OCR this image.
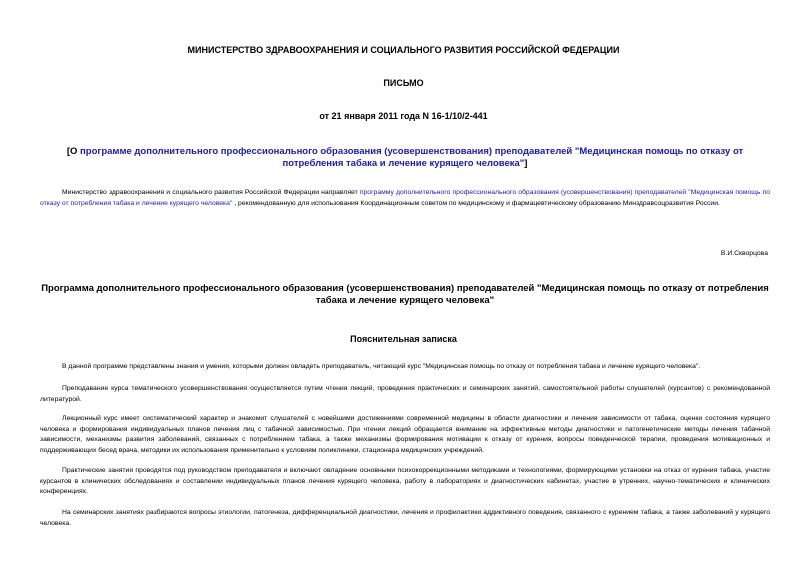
МИНИСТЕРСТВО ЗДРАВООХРАНЕНИЯ И СОЦИАЛЬНОГО РАЗВИТИЯ РОССИЙСКОЙ ФЕДЕРАЦИИ
ПИСЬМО
от 21 января 2011 года N 16-1/10/2-441
[О программе дополнительного профессионального образования (усовершенствования) преподавателей "Медицинская помощь по отказу от потребления табака и лечение курящего человека"]
Министерство здравоохранения и социального развития Российской Федерации направляет программу дополнительного профессионального образования (усовершенствования) преподавателей "Медицинская помощь по отказу от потребления табака и лечение курящего человека" , рекомендованную для использования Координационным советом по медицинскому и фармацевтическому образованию Минздравсоцразвития России.
В.И.Скворцова
Программа дополнительного профессионального образования (усовершенствования) преподавателей "Медицинская помощь по отказу от потребления табака и лечение курящего человека"
Пояснительная записка

В данной программе представлены знания и умения, которыми должен овладеть преподаватель, читающий курс "Медицинская помощь по отказу от потребления табака и лечение курящего человека".

Преподавание курса тематического усовершенствования осуществляется путем чтения лекций, проведения практических и семинарских занятий, самостоятельной работы слушателей (курсантов) с рекомендованной литературой.

Лекционный курс имеет систематический характер и знакомит слушателей с новейшими достижениями современной медицины в области диагностики и лечения зависимости от табака, оценки состояния курящего человека и формирования индивидуальных планов лечения лиц с табачной зависимостью. При чтении лекций обращается внимание на эффективные методы диагностики и патогенетические методы лечения табачной зависимости, механизмы развития заболеваний, связанных с потреблением табака, а также механизмы формирования мотивации к отказу от курения, вопросы поведенческой терапии, проведения мотивационных и поддерживающих бесед врача, методики их использования применительно к условиям поликлиники, стационара медицинских учреждений.

Практические занятия проводятся под руководством преподавателя и включают овладение основными психокоррекционными методиками и технологиями, формирующими установки на отказ от курения табака, участие курсантов в клинических обследованиях и составлении индивидуальных планов лечения курящего человека, работу в лабораториях и диагностических кабинетах, участие в утренних, научно-тематических и клинических конференциях.

На семинарских занятиях разбираются вопросы этиологии, патогенеза, дифференциальной диагностики, лечения и профилактики аддиктивного поведения, связанного с курением табака, а также заболеваний у курящего человека.
